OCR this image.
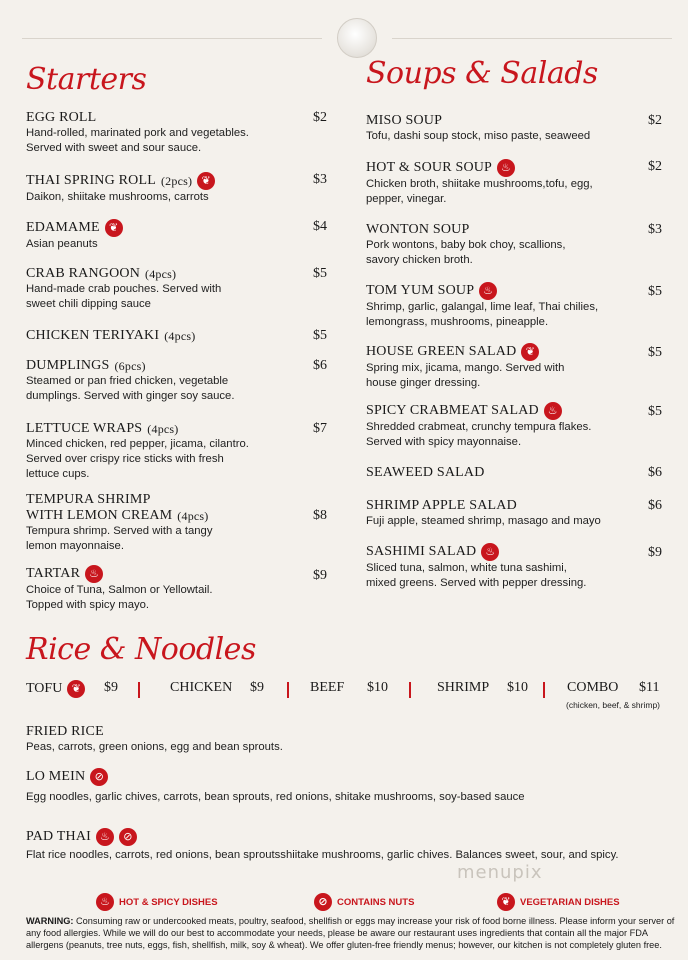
Starters
EGG ROLL
Hand-rolled, marinated pork and vegetables.
Served with sweet and sour sauce.
$2
THAI SPRING ROLL (2pcs) ❦
Daikon, shiitake mushrooms, carrots
$3
EDAMAME ❦
Asian peanuts
$4
CRAB RANGOON (4pcs)
Hand-made crab pouches. Served with
sweet chili dipping sauce
$5
CHICKEN TERIYAKI (4pcs)	$5
DUMPLINGS (6pcs)
Steamed or pan fried chicken, vegetable
dumplings. Served with ginger soy sauce.
$6
LETTUCE WRAPS (4pcs)
Minced chicken, red pepper, jicama, cilantro.
Served over crispy rice sticks with fresh
lettuce cups.
$7
TEMPURA SHRIMP
WITH LEMON CREAM (4pcs)
Tempura shrimp. Served with a tangy
lemon mayonnaise.
$8
TARTAR ♨
Choice of Tuna, Salmon or Yellowtail.
Topped with spicy mayo.
$9
Soups & Salads
MISO SOUP
Tofu, dashi soup stock, miso paste, seaweed
$2
HOT & SOUR SOUP ♨
Chicken broth, shiitake mushrooms,tofu, egg,
pepper, vinegar.
$2
WONTON SOUP
Pork wontons, baby bok choy, scallions,
savory chicken broth.
$3
TOM YUM SOUP ♨
Shrimp, garlic, galangal, lime leaf, Thai chilies,
lemongrass, mushrooms, pineapple.
$5
HOUSE GREEN SALAD ❦
Spring mix, jicama, mango. Served with
house ginger dressing.
$5
SPICY CRABMEAT SALAD ♨
Shredded crabmeat, crunchy tempura flakes.
Served with spicy mayonnaise.
$5
SEAWEED SALAD	$6
SHRIMP APPLE SALAD
Fuji apple, steamed shrimp, masago and mayo
$6
SASHIMI SALAD ♨
Sliced tuna, salmon, white tuna sashimi,
mixed greens. Served with pepper dressing.
$9
Rice & Noodles
TOFU ❦	$9	CHICKEN $9	BEEF $10	SHRIMP $10	COMBO $11
(chicken, beef, & shrimp)
FRIED RICE
Peas, carrots, green onions, egg and bean sprouts.
LO MEIN ⊘
Egg noodles, garlic chives, carrots, bean sprouts, red onions, shitake mushrooms, soy-based sauce
PAD THAI ♨	⊘
Flat rice noodles, carrots, red onions, bean sproutsshiitake mushrooms, garlic chives. Balances sweet, sour, and spicy.
menupix
♨ HOT & SPICY DISHES	⊘ CONTAINS NUTS	❦ VEGETARIAN DISHES
WARNING: Consuming raw or undercooked meats, poultry, seafood, shellfish or eggs may increase your risk of food borne illness. Please inform your server of any food allergies. While we will do our best to accommodate your needs, please be aware our restaurant uses ingredients that contain all the major FDA allergens (peanuts, tree nuts, eggs, fish, shellfish, milk, soy & wheat). We offer gluten-free friendly menus; however, our kitchen is not completely gluten free.
